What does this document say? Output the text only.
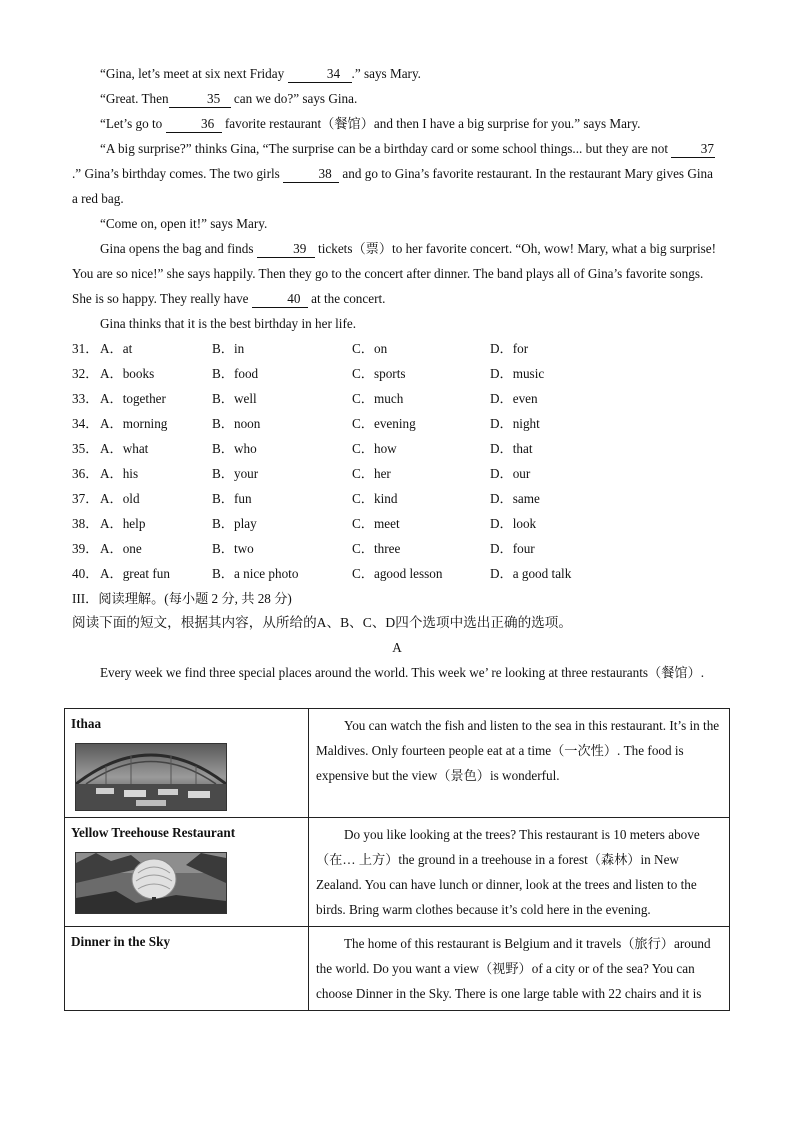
“Gina, let’s meet at six next Friday	34 .” says Mary.

“Great. Then	35 can we do?” says Gina.

“Let’s go to	36 favorite restaurant（餐馆）and then I have a big surprise for you.” says Mary.

“A big surprise?” thinks Gina, “The surprise can be a birthday card or some school things... but they are not 37.” Gina’s birthday comes. The two girls	38 and go to Gina’s favorite restaurant. In the restaurant Mary gives Gina a red bag.

“Come on, open it!” says Mary.

Gina opens the bag and finds	39 tickets（票）to her favorite concert. “Oh, wow! Mary, what a big surprise! You are so nice!” she says happily. Then they go to the concert after dinner. The band plays all of Gina’s favorite songs. She is so happy. They really have	40 at the concert.

Gina thinks that it is the best birthday in her life.

31． A．at	B．in	C．on	D．for
32． A．books	B．food	C．sports	D．music
33． A．together	B．well	C．much	D．even
34． A．morning	B．noon	C．evening	D．night
35． A．what	B．who	C．how	D．that
36． A．his	B．your	C．her	D．our
37． A．old	B．fun	C．kind	D．same
38． A．help	B．play	C．meet	D．look
39． A．one	B．two	C．three	D．four
40． A．great fun	B．a nice photo	C．agood lesson	D．a good talk
III．阅读理解。(每小题 2 分, 共 28 分)
阅读下面的短文，根据其内容，从所给的A、B、C、D四个选项中选出正确的选项。
A

Every week we find three special places around the world. This week we’ re looking at three restaurants（餐馆）.

Ithaa	You can watch the fish and listen to the sea in this restaurant. It’s in the Maldives. Only fourteen people eat at a time（一次性）. The food is expensive but the view（景色）is wonderful.

Yellow Treehouse Restaurant	Do you like looking at the trees? This restaurant is 10 meters above（在… 上方）the ground in a treehouse in a forest（森林）in New Zealand. You can have lunch or dinner, look at the trees and listen to the birds. Bring warm clothes because it’s cold here in the evening.

Dinner in the Sky	The home of this restaurant is Belgium and it travels（旅行）around the world. Do you want a view（视野）of a city or of the sea? You can choose Dinner in the Sky. There is one large table with 22 chairs and it is
